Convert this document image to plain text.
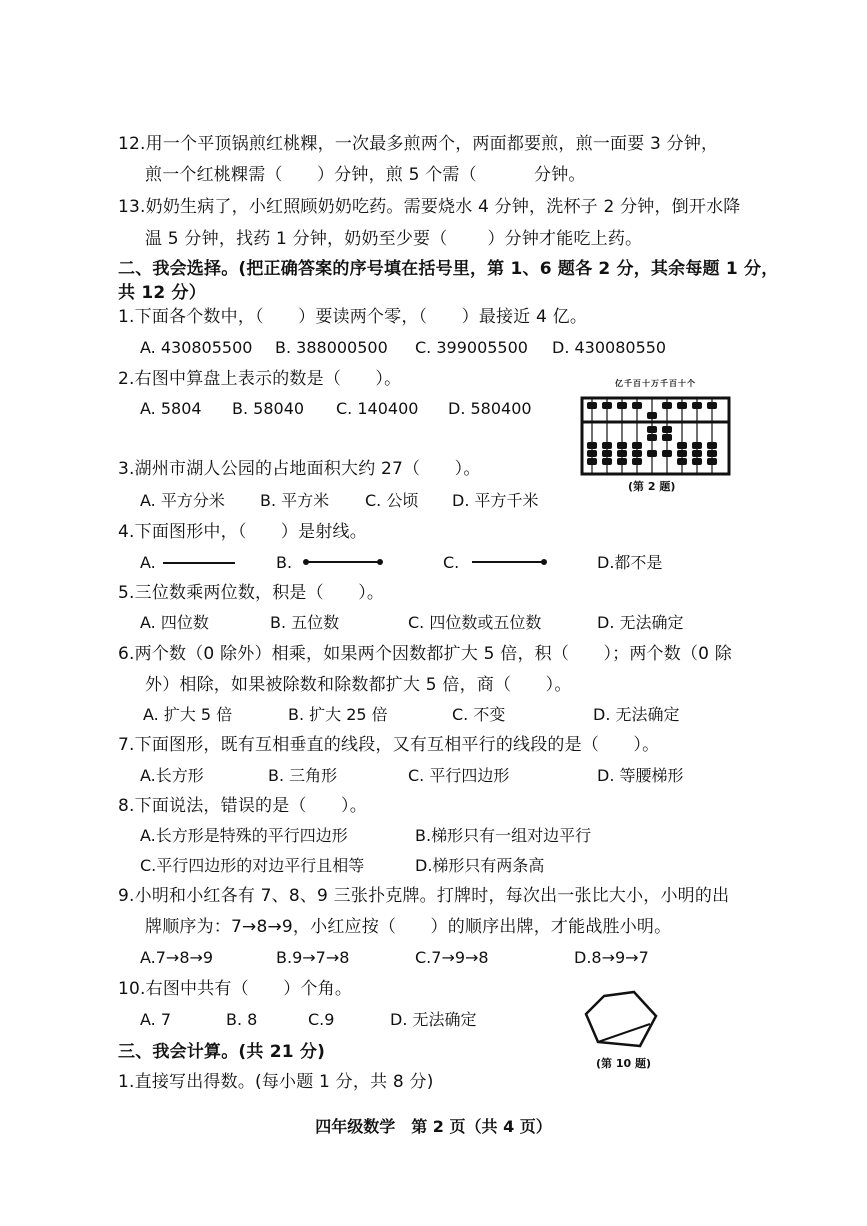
12.用一个平顶锅煎红桃粿，一次最多煎两个，两面都要煎，煎一面要 3 分钟，
煎一个红桃粿需（　　）分钟，煎 5 个需（　　　 分钟。
13.奶奶生病了，小红照顾奶奶吃药。需要烧水 4 分钟，洗杯子 2 分钟，倒开水降
温 5 分钟，找药 1 分钟，奶奶至少要（　　 ）分钟才能吃上药。
二、我会选择。(把正确答案的序号填在括号里，第 1、6 题各 2 分，其余每题 1 分，
共 12 分）
1.下面各个数中，（　　）要读两个零，（　　）最接近 4 亿。
A. 430805500 B. 388000500 C. 399005500 D. 430080550
2.右图中算盘上表示的数是（　　）。
A. 5804 B. 58040 C. 140400 D. 580400
亿千百十万千百十个
(第 2 题)
3.湖州市湖人公园的占地面积大约 27（　　）。
A. 平方分米 B. 平方米 C. 公顷 D. 平方千米
4.下面图形中，（　　）是射线。
A.	B.	C.	D.都不是
5.三位数乘两位数，积是（　　）。
A. 四位数	B. 五位数	C. 四位数或五位数	D. 无法确定
6.两个数（0 除外）相乘，如果两个因数都扩大 5 倍，积（　　）；两个数（0 除
外）相除，如果被除数和除数都扩大 5 倍，商（　　）。
A. 扩大 5 倍	B. 扩大 25 倍	C. 不变	D. 无法确定
7.下面图形，既有互相垂直的线段，又有互相平行的线段的是（　　）。
A.长方形	B. 三角形	C. 平行四边形	D. 等腰梯形
8.下面说法，错误的是（　　）。
A.长方形是特殊的平行四边形	B.梯形只有一组对边平行
C.平行四边形的对边平行且相等	D.梯形只有两条高
9.小明和小红各有 7、8、9 三张扑克牌。打牌时，每次出一张比大小，小明的出
牌顺序为：7→8→9，小红应按（　　）的顺序出牌，才能战胜小明。
A.7→8→9	B.9→7→8	C.7→9→8	D.8→9→7
10.右图中共有（　　）个角。
A. 7	B. 8	C.9	D. 无法确定
(第 10 题)
三、我会计算。(共 21 分)
1.直接写出得数。(每小题 1 分，共 8 分)
四年级数学　第 2 页（共 4 页）
